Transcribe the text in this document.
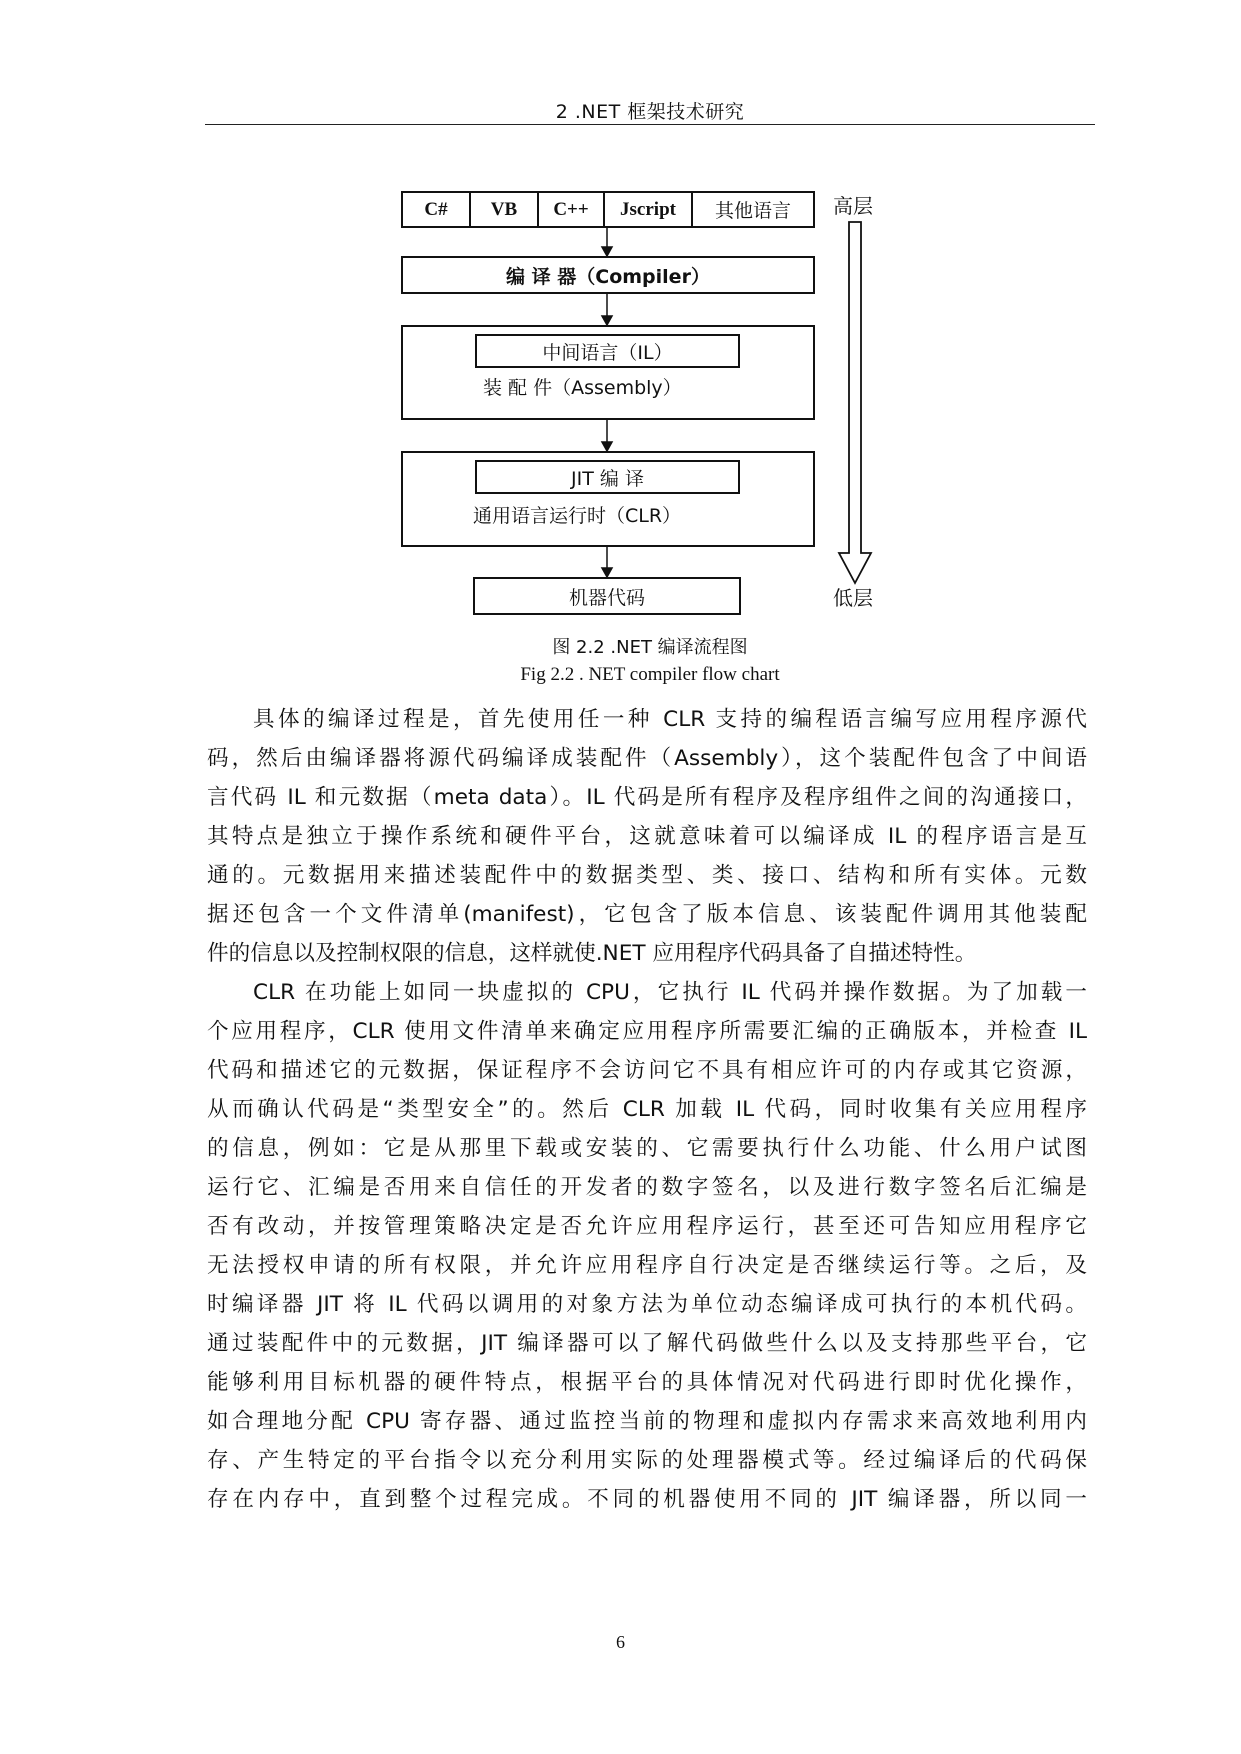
2 .NET 框架技术研究
C#	VB	C++	Jscript	其他语言
编 译 器（Compiler）
中间语言（IL）
装 配 件（Assembly）
JIT 编 译
通用语言运行时（CLR）
机器代码
高层
低层
图 2.2 .NET 编译流程图
Fig 2.2 . NET compiler flow chart
具体的编译过程是，首先使用任一种 CLR 支持的编程语言编写应用程序源代
码，然后由编译器将源代码编译成装配件（Assembly），这个装配件包含了中间语
言代码 IL 和元数据（meta data）。IL 代码是所有程序及程序组件之间的沟通接口，
其特点是独立于操作系统和硬件平台，这就意味着可以编译成 IL 的程序语言是互
通的。元数据用来描述装配件中的数据类型、类、接口、结构和所有实体。元数
据还包含一个文件清单(manifest)，它包含了版本信息、该装配件调用其他装配
件的信息以及控制权限的信息，这样就使.NET 应用程序代码具备了自描述特性。
CLR 在功能上如同一块虚拟的 CPU，它执行 IL 代码并操作数据。为了加载一
个应用程序，CLR 使用文件清单来确定应用程序所需要汇编的正确版本，并检查 IL
代码和描述它的元数据，保证程序不会访问它不具有相应许可的内存或其它资源，
从而确认代码是“类型安全”的。然后 CLR 加载 IL 代码，同时收集有关应用程序
的信息，例如：它是从那里下载或安装的、它需要执行什么功能、什么用户试图
运行它、汇编是否用来自信任的开发者的数字签名，以及进行数字签名后汇编是
否有改动，并按管理策略决定是否允许应用程序运行，甚至还可告知应用程序它
无法授权申请的所有权限，并允许应用程序自行决定是否继续运行等。之后，及
时编译器 JIT 将 IL 代码以调用的对象方法为单位动态编译成可执行的本机代码。
通过装配件中的元数据，JIT 编译器可以了解代码做些什么以及支持那些平台，它
能够利用目标机器的硬件特点，根据平台的具体情况对代码进行即时优化操作，
如合理地分配 CPU 寄存器、通过监控当前的物理和虚拟内存需求来高效地利用内
存、产生特定的平台指令以充分利用实际的处理器模式等。经过编译后的代码保
存在内存中，直到整个过程完成。不同的机器使用不同的 JIT 编译器，所以同一
6
